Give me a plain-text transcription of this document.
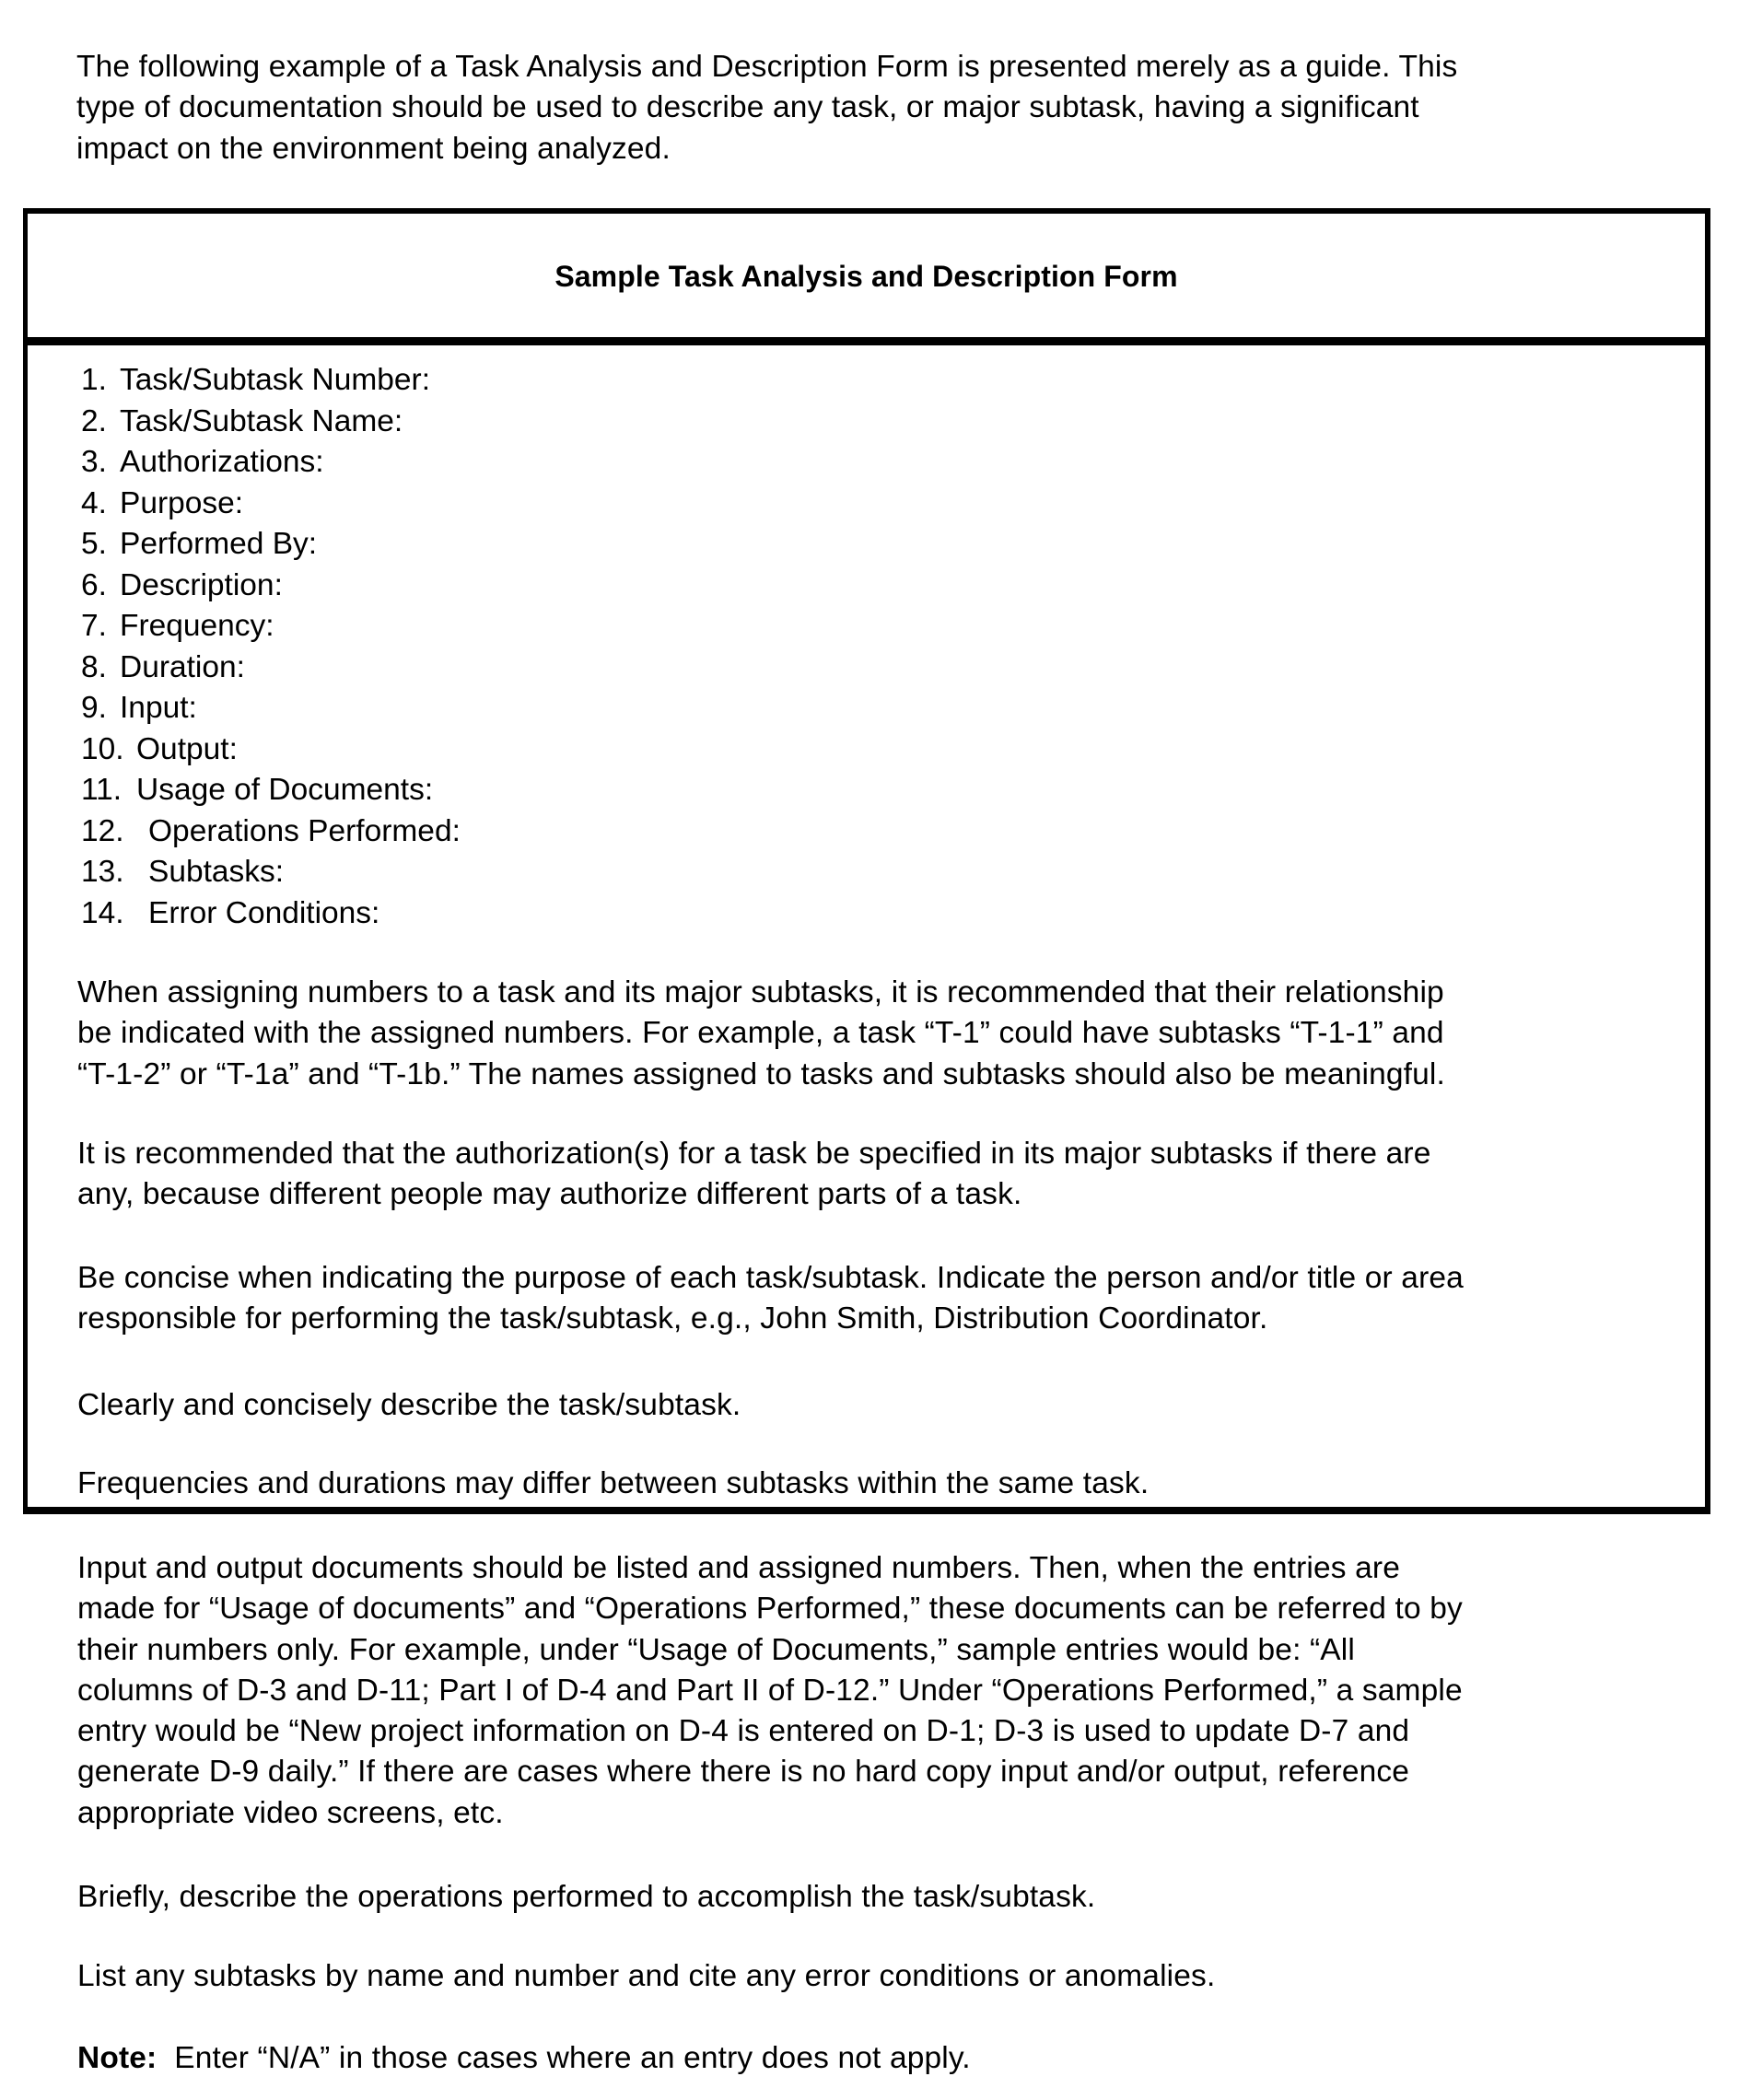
The following example of a Task Analysis and Description Form is presented merely as a guide. This
type of documentation should be used to describe any task, or major subtask, having a significant
impact on the environment being analyzed.
Sample Task Analysis and Description Form
1. Task/Subtask Number:
2. Task/Subtask Name:
3. Authorizations:
4. Purpose:
5. Performed By:
6. Description:
7. Frequency:
8. Duration:
9. Input:
10. Output:
11. Usage of Documents:
12. Operations Performed:
13. Subtasks:
14. Error Conditions:
When assigning numbers to a task and its major subtasks, it is recommended that their relationship
be indicated with the assigned numbers. For example, a task “T-1” could have subtasks “T-1-1” and
“T-1-2” or “T-1a” and “T-1b.” The names assigned to tasks and subtasks should also be meaningful.
It is recommended that the authorization(s) for a task be specified in its major subtasks if there are
any, because different people may authorize different parts of a task.
Be concise when indicating the purpose of each task/subtask. Indicate the person and/or title or area
responsible for performing the task/subtask, e.g., John Smith, Distribution Coordinator.
Clearly and concisely describe the task/subtask.
Frequencies and durations may differ between subtasks within the same task.
Input and output documents should be listed and assigned numbers. Then, when the entries are
made for “Usage of documents” and “Operations Performed,” these documents can be referred to by
their numbers only. For example, under “Usage of Documents,” sample entries would be: “All
columns of D-3 and D-11; Part I of D-4 and Part II of D-12.” Under “Operations Performed,” a sample
entry would be “New project information on D-4 is entered on D-1; D-3 is used to update D-7 and
generate D-9 daily.” If there are cases where there is no hard copy input and/or output, reference
appropriate video screens, etc.
Briefly, describe the operations performed to accomplish the task/subtask.
List any subtasks by name and number and cite any error conditions or anomalies.
Note:  Enter “N/A” in those cases where an entry does not apply.
